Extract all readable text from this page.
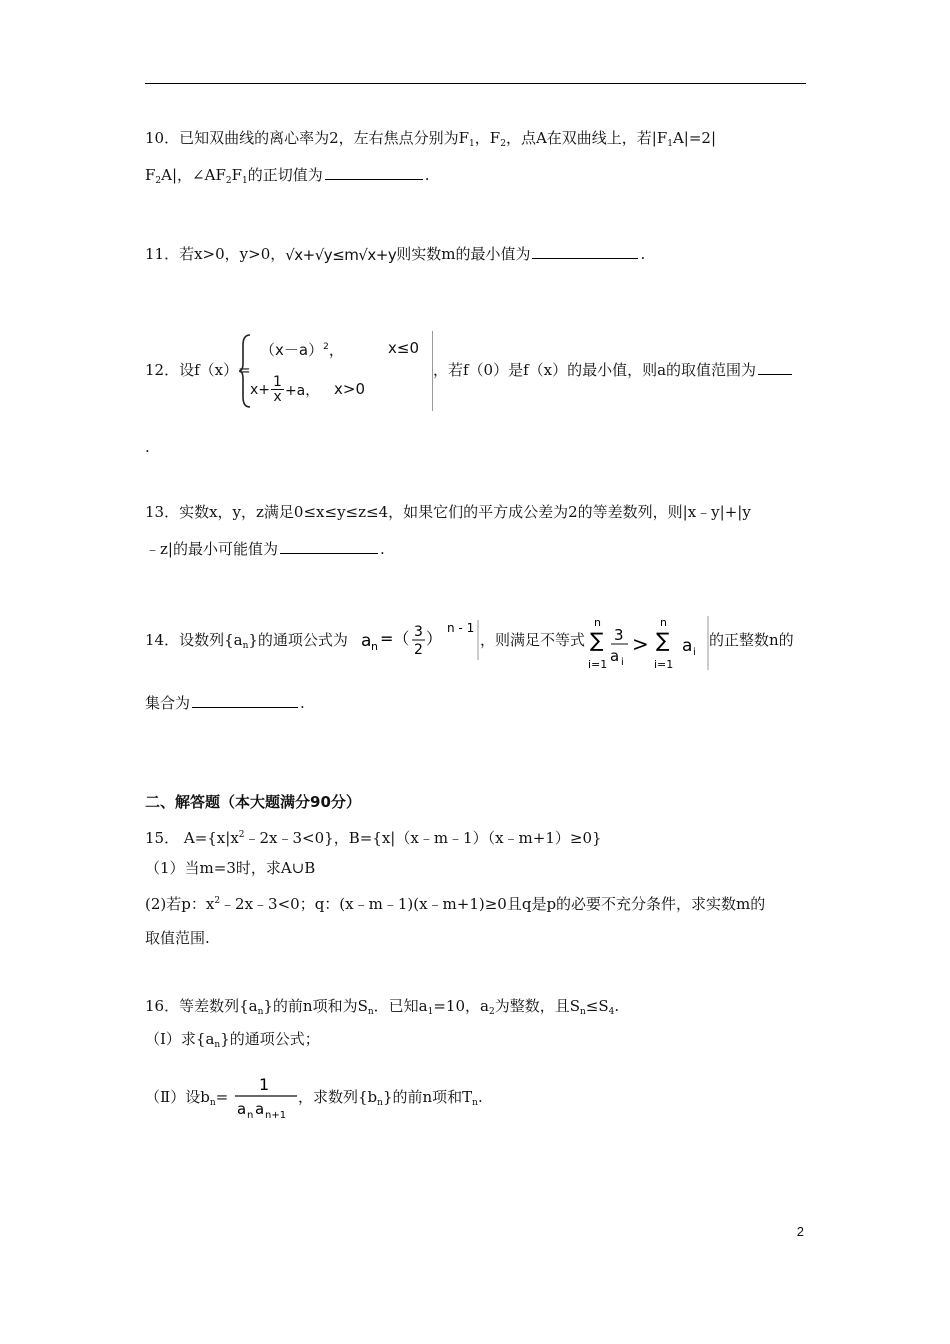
10．已知双曲线的离心率为2，左右焦点分别为$F_1$，$F_2$，点A在双曲线上，若$|F_1A|=2|$
$F_2A|$，$\angle AF_2F_1$的正切值为	.
11．若x>0，y>0，√x+√y≤m√x+y则实数m的最小值为	.
12．设f（x）=
$(x-a)^2$，	x≤0
$x+ \frac{1}{x} +a$， x>0
，若f（0）是f（x）的最小值，则a的取值范围为
.
13．实数x，y，z满足0≤x≤y≤z≤4，如果它们的平方成公差为2的等差数列，则|x﹣y|+|y
﹣z|的最小可能值为	.
14．设数列$\{a_n\}$的通项公式为 a n =（ 3
2
）
n - 1
，则满足不等式
n
∑
i=1
3
a i
>
n
∑
i=1
a i
的正整数n的
集合为	.
二、解答题（本大题满分90分）
15． $A=\{x|x^2﹣2x﹣3<0\}$，B={x|（x﹣m﹣1）（x﹣m+1）≥0}
（1）当m=3时，求A∪B
(2)若p：$x^2﹣2x﹣3<0$；q：(x﹣m﹣1)(x﹣m+1)≥0且q是p的必要不充分条件，求实数m的
取值范围.
16．等差数列$\{a_n\}$的前n项和为$S_n$．已知$a_1=10$，$a_2$为整数，且$S_n\le S_4$.
（Ⅰ）求$\{a_n\}$的通项公式；
（Ⅱ）设$b_n=$
1
a n a n+1
，求数列$\{b_n\}$的前n项和$T_n$.
2
